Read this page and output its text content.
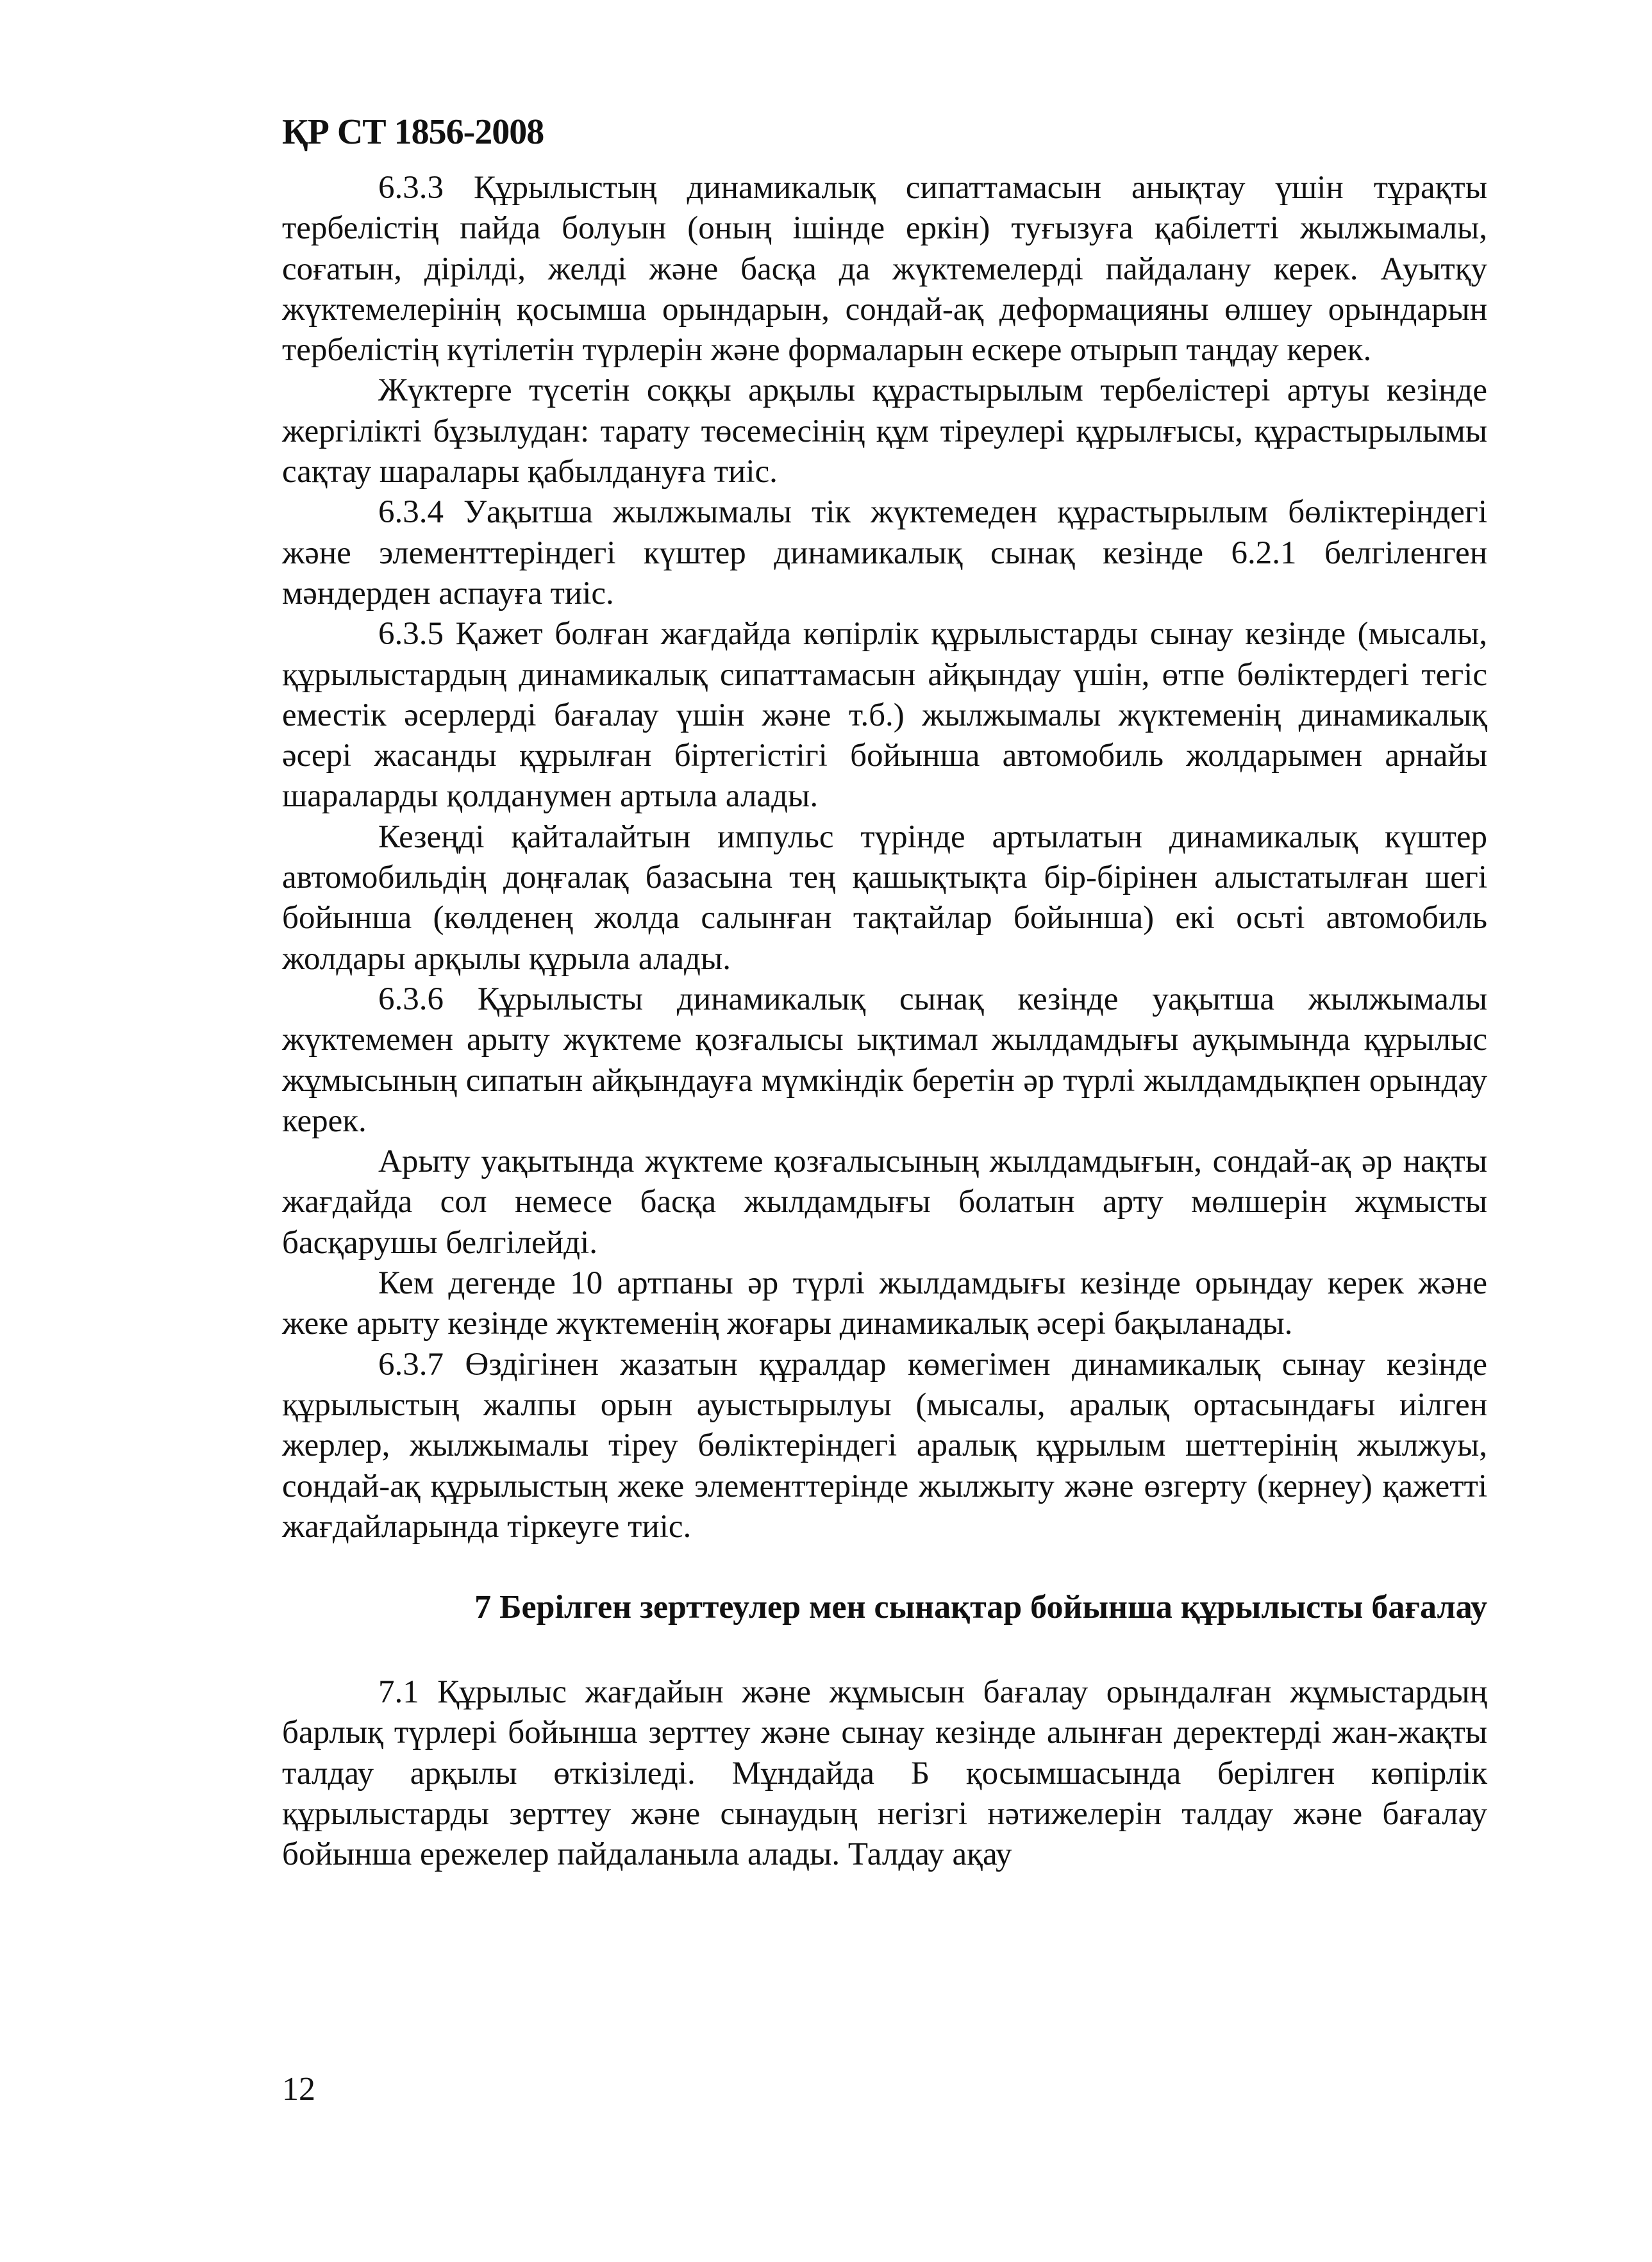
ҚР СТ 1856-2008

6.3.3 Құрылыстың динамикалық сипаттамасын анықтау үшін тұрақты тербелістің пайда болуын (оның ішінде еркін) туғызуға қабілетті жылжымалы, соғатын, дірілді, желді және басқа да жүктемелерді пайдалану керек. Ауытқу жүктемелерінің қосымша орындарын, сондай-ақ деформацияны өлшеу орындарын тербелістің күтілетін түрлерін және формаларын ескере отырып таңдау керек.

Жүктерге түсетін соққы арқылы құрастырылым тербелістері артуы кезінде жергілікті бұзылудан: тарату төсемесінің құм тіреулері құрылғысы, құрастырылымы сақтау шаралары қабылдануға тиіс.

6.3.4 Уақытша жылжымалы тік жүктемеден құрастырылым бөліктеріндегі және элементтеріндегі күштер динамикалық сынақ кезінде 6.2.1 белгіленген мәндерден аспауға тиіс.

6.3.5 Қажет болған жағдайда көпірлік құрылыстарды сынау кезінде (мысалы, құрылыстардың динамикалық сипаттамасын айқындау үшін, өтпе бөліктердегі тегіс еместік әсерлерді бағалау үшін және т.б.) жылжымалы жүктеменің динамикалық әсері жасанды құрылған біртегістігі бойынша автомобиль жолдарымен арнайы шараларды қолданумен артыла алады.

Кезеңді қайталайтын импульс түрінде артылатын динамикалық күштер автомобильдің доңғалақ базасына тең қашықтықта бір-бірінен алыстатылған шегі бойынша (көлденең жолда салынған тақтайлар бойынша) екі осьті автомобиль жолдары арқылы құрыла алады.

6.3.6 Құрылысты динамикалық сынақ кезінде уақытша жылжымалы жүктемемен арыту жүктеме қозғалысы ықтимал жылдамдығы ауқымында құрылыс жұмысының сипатын айқындауға мүмкіндік беретін әр түрлі жылдамдықпен орындау керек.

Арыту уақытында жүктеме қозғалысының жылдамдығын, сондай-ақ әр нақты жағдайда сол немесе басқа жылдамдығы болатын арту мөлшерін жұмысты басқарушы белгілейді.

Кем дегенде 10 артпаны әр түрлі жылдамдығы кезінде орындау керек және жеке арыту кезінде жүктеменің жоғары динамикалық әсері бақыланады.

6.3.7 Өздігінен жазатын құралдар көмегімен динамикалық сынау кезінде құрылыстың жалпы орын ауыстырылуы (мысалы, аралық ортасындағы иілген жерлер, жылжымалы тіреу бөліктеріндегі аралық құрылым шеттерінің жылжуы, сондай-ақ құрылыстың жеке элементтерінде жылжыту және өзгерту (кернеу) қажетті жағдайларында тіркеуге тиіс.

7 Берілген зерттеулер мен сынақтар бойынша құрылысты бағалау

7.1 Құрылыс жағдайын және жұмысын бағалау орындалған жұмыстардың барлық түрлері бойынша зерттеу және сынау кезінде алынған деректерді жан-жақты талдау арқылы өткізіледі. Мұндайда Б қосымшасында берілген көпірлік құрылыстарды зерттеу және сынаудың негізгі нәтижелерін талдау және бағалау бойынша ережелер пайдаланыла алады. Талдау ақау

12
